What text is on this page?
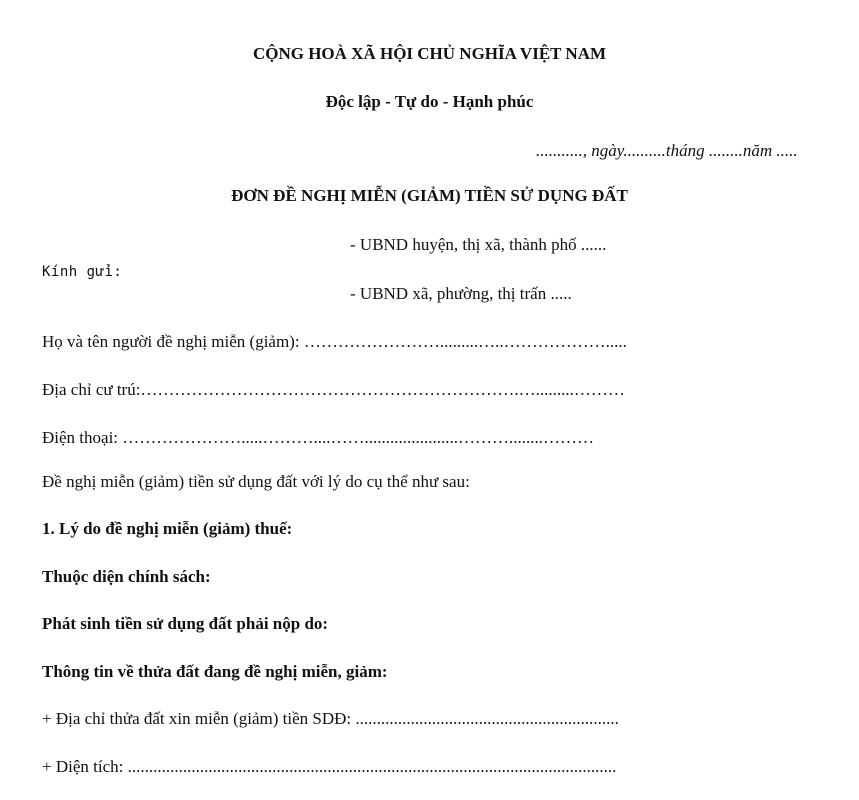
CỘNG HOÀ XÃ HỘI CHỦ NGHĨA VIỆT NAM
Độc lập - Tự do - Hạnh phúc
..........., ngày..........tháng ........năm .....
ĐƠN ĐỀ NGHỊ MIỄN (GIẢM) TIỀN SỬ DỤNG ĐẤT
- UBND huyện, thị xã, thành phố ......
Kính gửi:
- UBND xã, phường, thị trấn .....
Họ và tên người đề nghị miễn (giảm): …………………….........…..……………….....
Địa chỉ cư trú:………………………………………………………….….........………
Điện thoại: ………………….....………....……......................………........………
Đề nghị miễn (giảm) tiền sử dụng đất với lý do cụ thể như sau:
1. Lý do đề nghị miễn (giảm) thuế:
Thuộc diện chính sách:
Phát sinh tiền sử dụng đất phải nộp do:
Thông tin về thửa đất đang đề nghị miễn, giảm:
+ Địa chỉ thửa đất xin miễn (giảm) tiền SDĐ: ..............................................................
+ Diện tích: ...................................................................................................................
